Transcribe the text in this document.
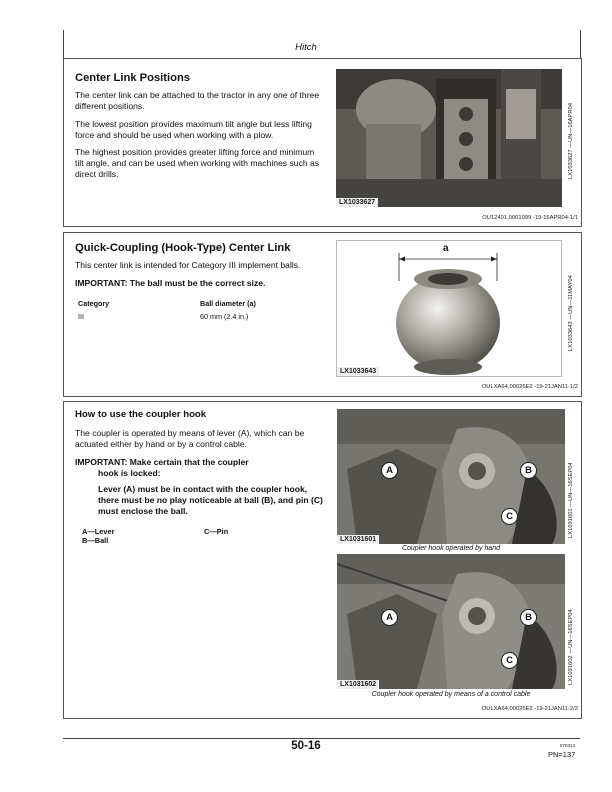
Hitch
Center Link Positions

The center link can be attached to the tractor in any one of three different positions.

The lowest position provides maximum tilt angle but less lifting force and should be used when working with a plow.

The highest position provides greater lifting force and minimum tilt angle, and can be used when working with machines such as direct drills.

LX1033627
LX1033627 —UN—16APR04
OU12401,0001099 -19-16APR04-1/1
Quick-Coupling (Hook-Type) Center Link

This center link is intended for Category III implement balls.

IMPORTANT: The ball must be the correct size.

Category	Ball diameter (a)
III	60 mm (2.4 in.)
a
LX1033643
LX1033643 —UN—11MAY04
OULXA64,00026E2 -19-21JAN11-1/2
How to use the coupler hook

The coupler is operated by means of lever (A), which can be actuated either by hand or by a control cable.

IMPORTANT: Make certain that the coupler

hook is locked:

Lever (A) must be in contact with the coupler hook, there must be no play noticeable at ball (B), and pin (C) must enclose the ball.

A—Lever
B—Ball
C—Pin
A	B
C
LX1031601
Coupler hook operated by hand
LX1031601 —UN—16SEP04
A	B
C
LX1031602
Coupler hook operated by means of a control cable
LX1031602 —UN—16SEP04
OULXA64,00026E2 -19-21JAN11-2/2
50-16	070313
PN=137
